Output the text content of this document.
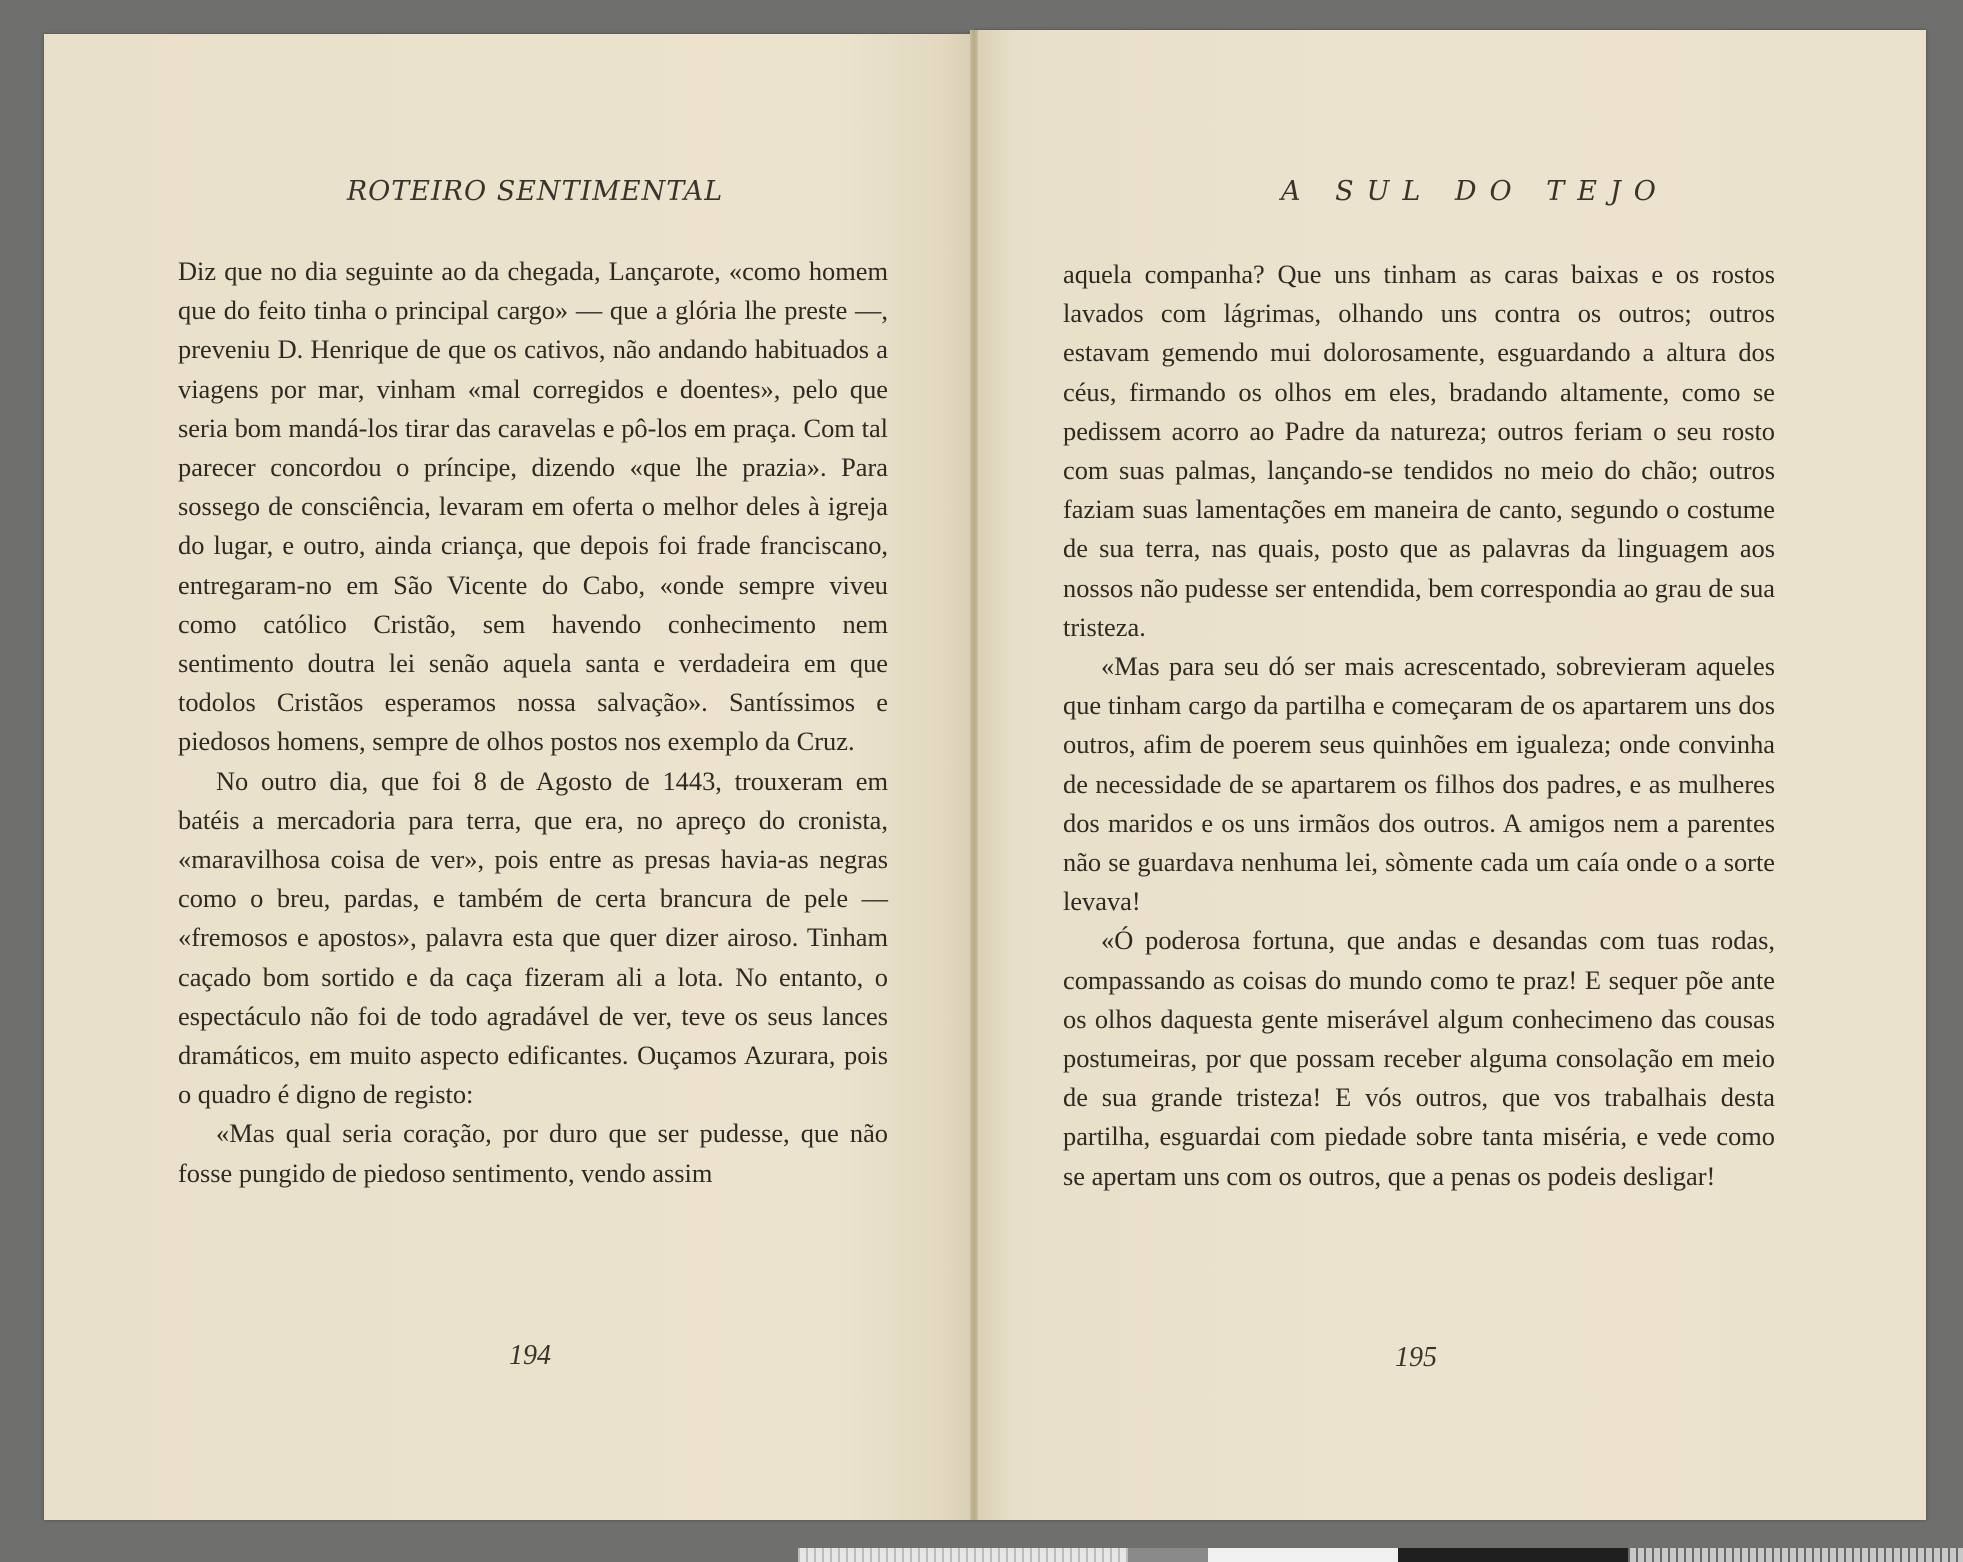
ROTEIRO SENTIMENTAL	A SUL DO TEJO

Diz que no dia seguinte ao da chegada, Lançarote, «como homem que do feito tinha o principal cargo» — que a glória lhe preste —, preveniu D. Henrique de que os cativos, não andando habituados a viagens por mar, vinham «mal corregidos e doentes», pelo que seria bom mandá-los tirar das caravelas e pô-los em praça. Com tal parecer concordou o príncipe, dizendo «que lhe prazia». Para sossego de consciência, levaram em oferta o melhor deles à igreja do lugar, e outro, ainda criança, que depois foi frade franciscano, entregaram-no em São Vicente do Cabo, «onde sempre viveu como católico Cristão, sem havendo conhecimento nem sentimento doutra lei senão aquela santa e verdadeira em que todolos Cristãos esperamos nossa salvação». Santíssimos e piedosos homens, sempre de olhos postos nos exemplo da Cruz.

No outro dia, que foi 8 de Agosto de 1443, trouxeram em batéis a mercadoria para terra, que era, no apreço do cronista, «maravilhosa coisa de ver», pois entre as presas havia-as negras como o breu, pardas, e também de certa brancura de pele — «fremosos e apostos», palavra esta que quer dizer airoso. Tinham caçado bom sortido e da caça fizeram ali a lota. No entanto, o espectáculo não foi de todo agradável de ver, teve os seus lances dramáticos, em muito aspecto edificantes. Ouçamos Azurara, pois o quadro é digno de registo:

«Mas qual seria coração, por duro que ser pudesse, que não fosse pungido de piedoso sentimento, vendo assim

aquela companha? Que uns tinham as caras baixas e os rostos lavados com lágrimas, olhando uns contra os outros; outros estavam gemendo mui dolorosamente, esguardando a altura dos céus, firmando os olhos em eles, bradando altamente, como se pedissem acorro ao Padre da natureza; outros feriam o seu rosto com suas palmas, lançando-se tendidos no meio do chão; outros faziam suas lamentações em maneira de canto, segundo o costume de sua terra, nas quais, posto que as palavras da linguagem aos nossos não pudesse ser entendida, bem correspondia ao grau de sua tristeza.

«Mas para seu dó ser mais acrescentado, sobrevieram aqueles que tinham cargo da partilha e começaram de os apartarem uns dos outros, afim de poerem seus quinhões em igualeza; onde convinha de necessidade de se apartarem os filhos dos padres, e as mulheres dos maridos e os uns irmãos dos outros. A amigos nem a parentes não se guardava nenhuma lei, sòmente cada um caía onde o a sorte levava!

«Ó poderosa fortuna, que andas e desandas com tuas rodas, compassando as coisas do mundo como te praz! E sequer põe ante os olhos daquesta gente miserável algum conhecimeno das cousas postumeiras, por que possam receber alguma consolação em meio de sua grande tristeza! E vós outros, que vos trabalhais desta partilha, esguardai com piedade sobre tanta miséria, e vede como se apertam uns com os outros, que a penas os podeis desligar!

194	195
